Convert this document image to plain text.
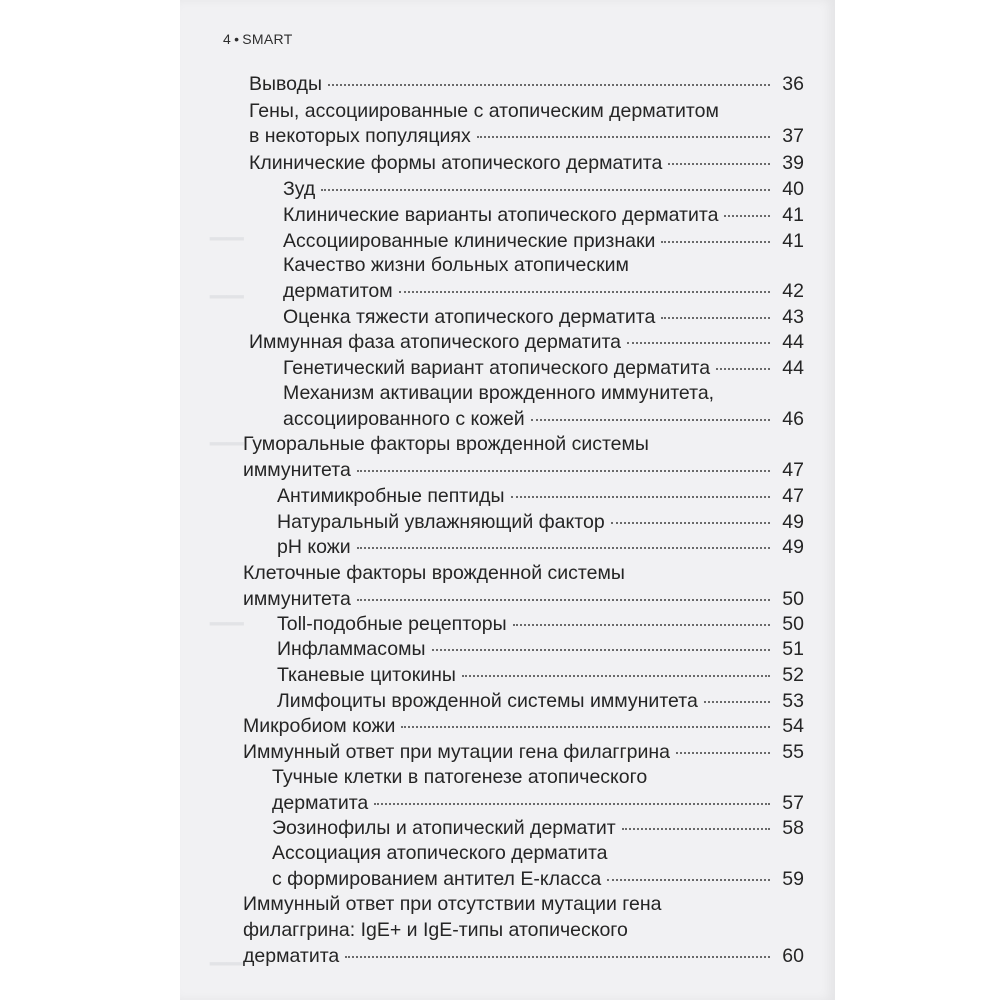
4 • SMART
Выводы	36
Гены, ассоциированные с атопическим дерматитом
в некоторых популяциях	37
Клинические формы атопического дерматита	39
Зуд	40
Клинические варианты атопического дерматита	41
Ассоциированные клинические признаки	41
Качество жизни больных атопическим
дерматитом	42
Оценка тяжести атопического дерматита	43
Иммунная фаза атопического дерматита	44
Генетический вариант атопического дерматита	44
Механизм активации врожденного иммунитета,
ассоциированного с кожей	46
Гуморальные факторы врожденной системы
иммунитета	47
Антимикробные пептиды	47
Натуральный увлажняющий фактор	49
pH кожи	49
Клеточные факторы врожденной системы
иммунитета	50
Toll-подобные рецепторы	50
Инфламмасомы	51
Тканевые цитокины	52
Лимфоциты врожденной системы иммунитета	53
Микробиом кожи	54
Иммунный ответ при мутации гена филаггрина	55
Тучные клетки в патогенезе атопического
дерматита	57
Эозинофилы и атопический дерматит	58
Ассоциация атопического дерматита
с формированием антител Е-класса	59
Иммунный ответ при отсутствии мутации гена
филаггрина: IgE+ и IgE-типы атопического
дерматита	60
